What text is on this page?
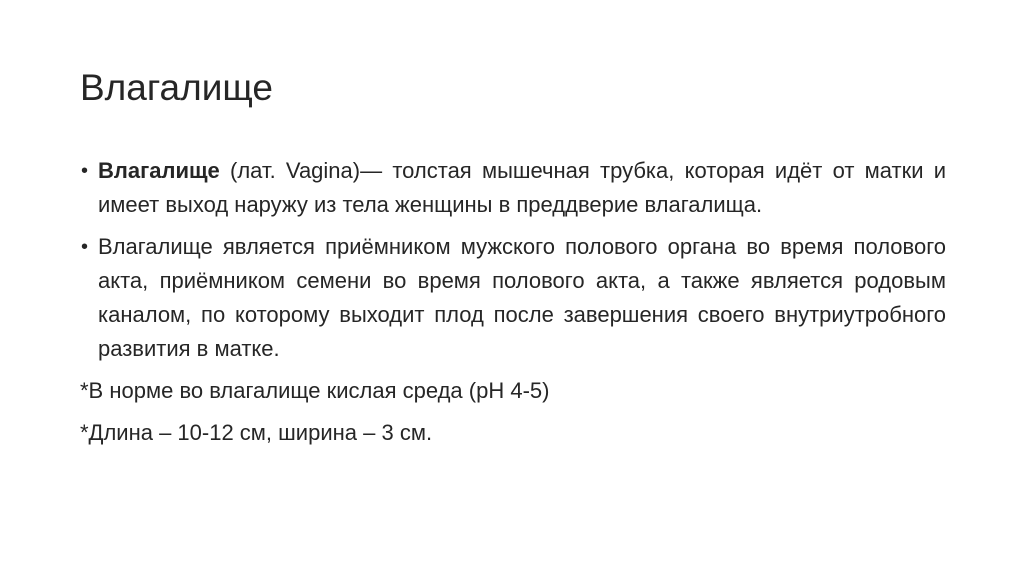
Влагалище
• Влагалище (лат. Vagina)— толстая мышечная трубка, которая идёт от матки и имеет выход наружу из тела женщины в преддверие влагалища.
• Влагалище является приёмником мужского полового органа во время полового акта, приёмником семени во время полового акта, а также является родовым каналом, по которому выходит плод после завершения своего внутриутробного развития в матке.
*В норме во влагалище кислая среда (рН 4-5)
*Длина – 10-12 см, ширина – 3 см.
